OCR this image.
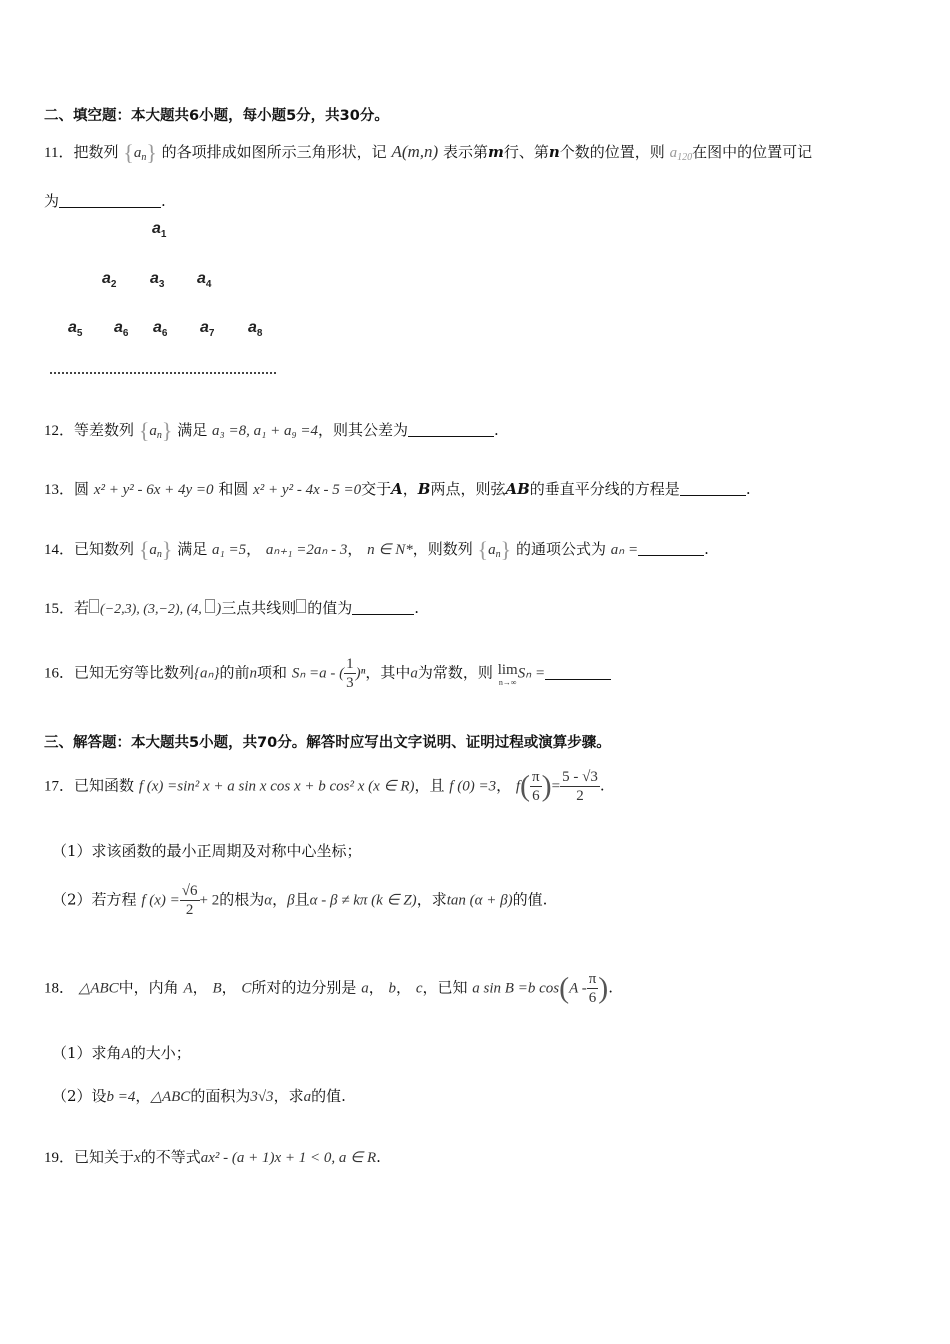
二、填空题：本大题共6小题，每小题5分，共30分。
11．把数列 $\{a_n\}$ 的各项排成如图所示三角形状，记 A(m,n) 表示第m行、第n个数的位置，则 $a_{120}$在图中的位置可记
为	.
$a_1$
$a_2$ $a_3$ $a_4$
$a_5$ $a_6$ $a_6$ $a_7$ $a_8$
12．等差数列 $\{a_n\}$ 满足 a₃ =8, a₁ + a₉ =4，则其公差为	.
13．圆 x² + y² - 6x + 4y =0 和圆 x² + y² - 4x - 5 =0交于A，B两点，则弦AB的垂直平分线的方程是	.
14．已知数列 $\{a_n\}$ 满足 a₁ =5， aₙ₊₁ =2aₙ - 3， n ∈ N*，则数列 $\{a_n\}$ 的通项公式为 aₙ =	.
15．若 (−2,3), (3,−2), (4, )三点共线则 的值为	.
16．已知无穷等比数列{aₙ}的前n项和 Sₙ =a - ( $\frac{1}{3} )^n$，其中a为常数，则 lim
n→∞
Sₙ =
三、解答题：本大题共5小题，共70分。解答时应写出文字说明、证明过程或演算步骤。
17．已知函数 f (x) =sin² x + a sin x cos x + b cos² x (x ∈ R)，且 f (0) =3， $f( \frac{\pi}{6}$ )= $\frac{5 - √3}{2}$ .
（1）求该函数的最小正周期及对称中心坐标；
（2）若方程 f $(x) = \frac{√6}{2} + 2$的根为α，β且α - β ≠ kπ (k ∈ Z)，求tan (α + β)的值.
18． △ABC中，内角 A， B， C所对的边分别是 a， b， c，已知 a sin B =b $\cos(A - \frac{\pi}{6}$ ).
（1）求角A的大小；
（2）设b =4，△ABC的面积为3√3，求a的值.
19．已知关于x的不等式ax² - (a + 1)x + 1 < 0, a ∈ R.
